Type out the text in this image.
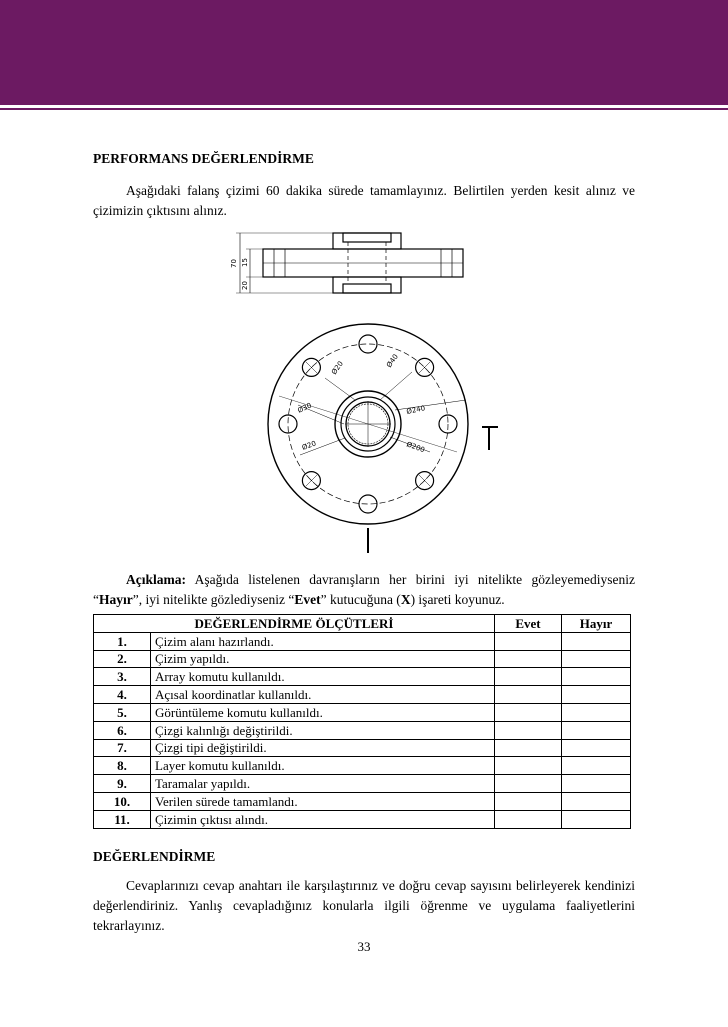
PERFORMANS DEĞERLENDİRME
Aşağıdaki falanş çizimi 60 dakika sürede tamamlayınız. Belirtilen yerden kesit alınız ve çizimizin çıktısını alınız.
70 15
20
Ø20	Ø40
Ø30	Ø240
Ø200
Ø20
Açıklama: Aşağıda listelenen davranışların her birini iyi nitelikte gözleyemediyseniz “Hayır”, iyi nitelikte gözlediyseniz “Evet” kutucuğuna (X) işareti koyunuz.
DEĞERLENDİRME ÖLÇÜTLERİ		Evet	Hayır
1.	Çizim alanı hazırlandı.		
2.	Çizim yapıldı.		
3.	Array komutu kullanıldı.		
4.	Açısal koordinatlar kullanıldı.		
5.	Görüntüleme komutu kullanıldı.		
6.	Çizgi kalınlığı değiştirildi.		
7.	Çizgi tipi değiştirildi.		
8.	Layer komutu kullanıldı.		
9.	Taramalar yapıldı.		
10.	Verilen sürede tamamlandı.		
11.	Çizimin çıktısı alındı.		
DEĞERLENDİRME
Cevaplarınızı cevap anahtarı ile karşılaştırınız ve doğru cevap sayısını belirleyerek kendinizi değerlendiriniz. Yanlış cevapladığınız konularla ilgili öğrenme ve uygulama faaliyetlerini tekrarlayınız.
33
